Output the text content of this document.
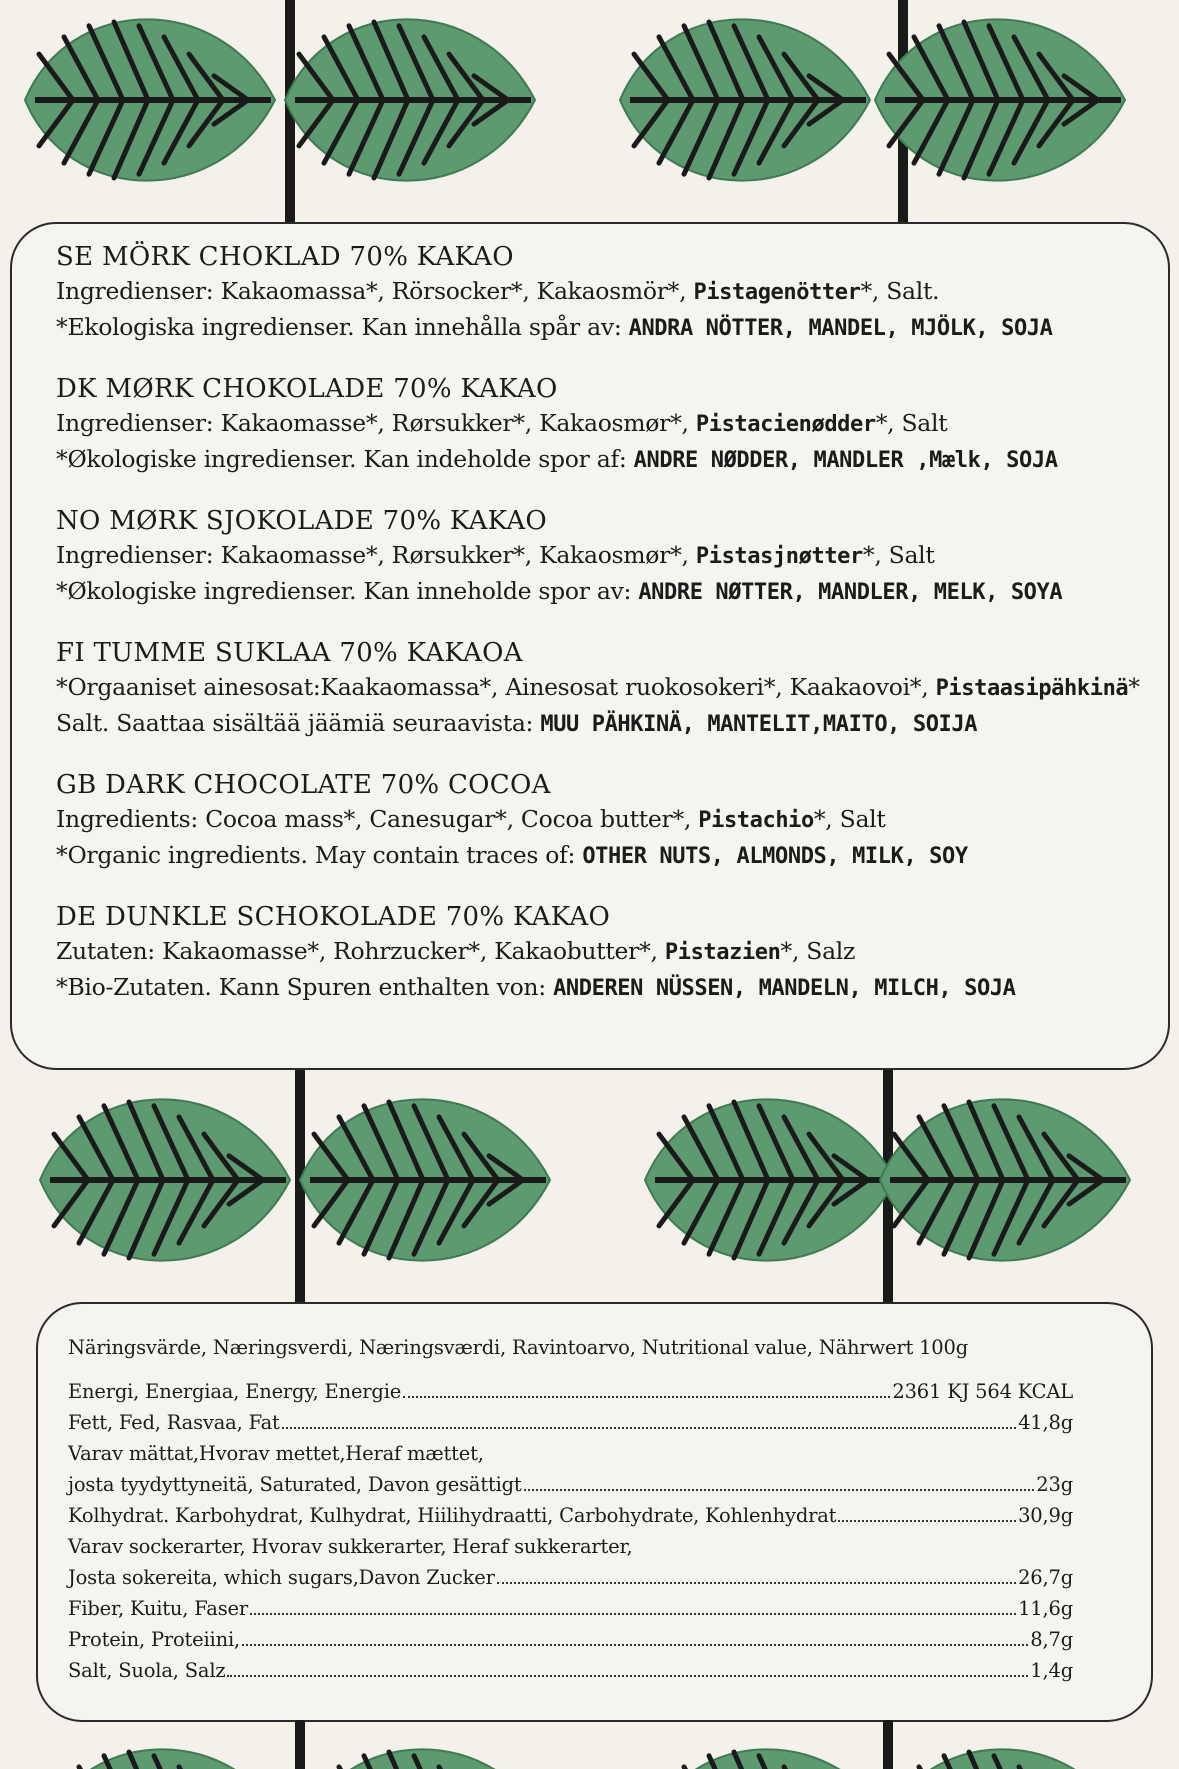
SE MÖRK CHOKLAD 70% KAKAO
Ingredienser: Kakaomassa*, Rörsocker*, Kakaosmör*, Pistagenötter*, Salt.
*Ekologiska ingredienser. Kan innehålla spår av: ANDRA NÖTTER, MANDEL, MJÖLK, SOJA
DK MØRK CHOKOLADE 70% KAKAO
Ingredienser: Kakaomasse*, Rørsukker*, Kakaosmør*, Pistacienødder*, Salt
*Økologiske ingredienser. Kan indeholde spor af: ANDRE NØDDER, MANDLER ,Mælk, SOJA
NO MØRK SJOKOLADE 70% KAKAO
Ingredienser: Kakaomasse*, Rørsukker*, Kakaosmør*, Pistasjnøtter*, Salt
*Økologiske ingredienser. Kan inneholde spor av: ANDRE NØTTER, MANDLER, MELK, SOYA
FI TUMME SUKLAA 70% KAKAOA
*Orgaaniset ainesosat:Kaakaomassa*, Ainesosat ruokosokeri*, Kaakaovoi*, Pistaasipähkinä*
Salt. Saattaa sisältää jäämiä seuraavista: MUU PÄHKINÄ, MANTELIT,MAITO, SOIJA
GB DARK CHOCOLATE 70% COCOA
Ingredients: Cocoa mass*, Canesugar*, Cocoa butter*, Pistachio*, Salt
*Organic ingredients. May contain traces of: OTHER NUTS, ALMONDS, MILK, SOY
DE DUNKLE SCHOKOLADE 70% KAKAO
Zutaten: Kakaomasse*, Rohrzucker*, Kakaobutter*, Pistazien*, Salz
*Bio-Zutaten. Kann Spuren enthalten von: ANDEREN NÜSSEN, MANDELN, MILCH, SOJA
Näringsvärde, Næringsverdi, Næringsværdi, Ravintoarvo, Nutritional value, Nährwert 100g
Energi, Energiaa, Energy, Energie	2361 KJ 564 KCAL
Fett, Fed, Rasvaa, Fat	41,8g
Varav mättat,Hvorav mettet,Heraf mættet,
josta tyydyttyneitä, Saturated, Davon gesättigt	23g
Kolhydrat. Karbohydrat, Kulhydrat, Hiilihydraatti, Carbohydrate, Kohlenhydrat	30,9g
Varav sockerarter, Hvorav sukkerarter, Heraf sukkerarter,
Josta sokereita, which sugars,Davon Zucker	26,7g
Fiber, Kuitu, Faser	11,6g
Protein, Proteiini,	8,7g
Salt, Suola, Salz	1,4g
